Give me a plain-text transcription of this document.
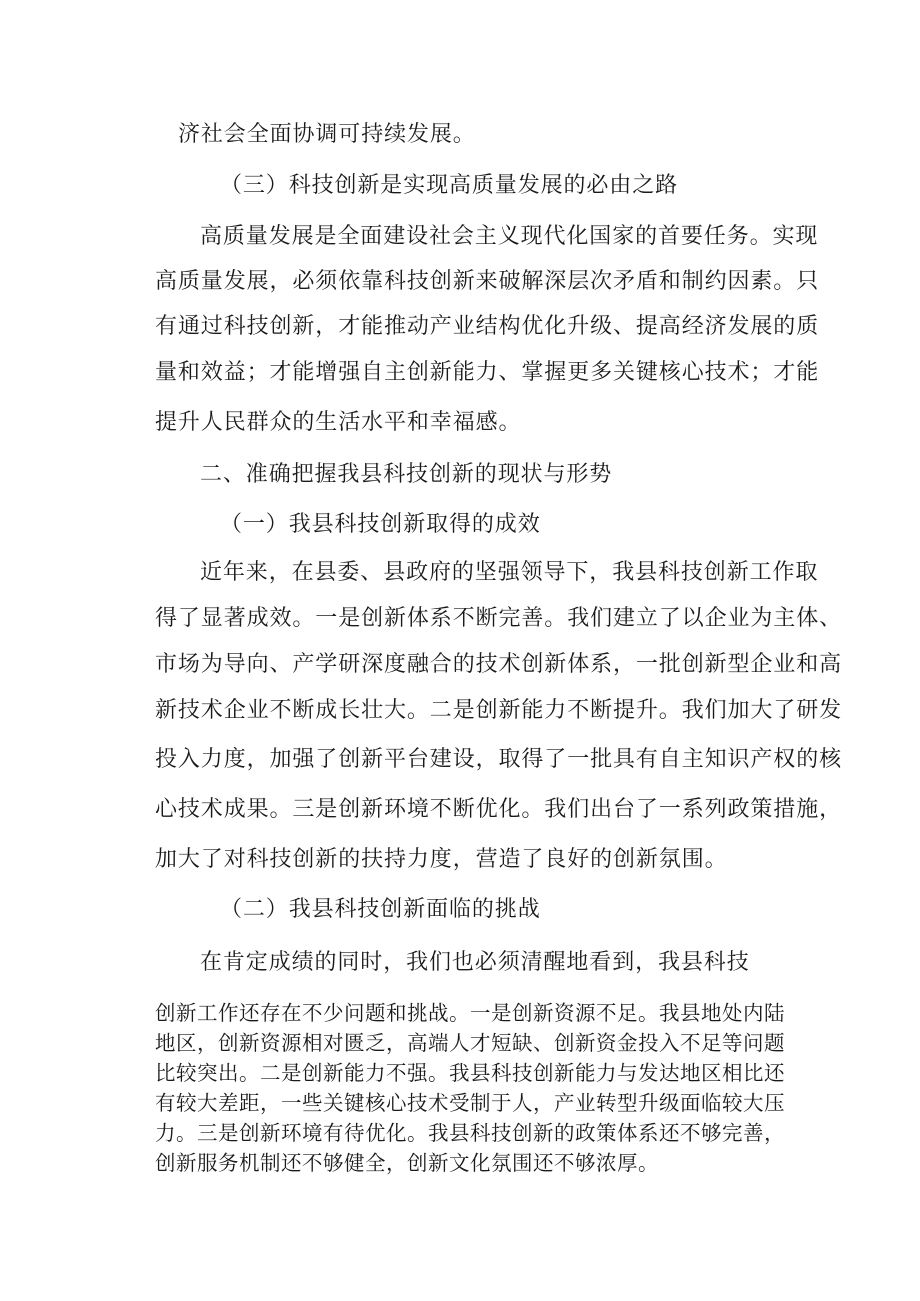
济社会全面协调可持续发展。
（三）科技创新是实现高质量发展的必由之路
高质量发展是全面建设社会主义现代化国家的首要任务。实现
高质量发展，必须依靠科技创新来破解深层次矛盾和制约因素。只
有通过科技创新，才能推动产业结构优化升级、提高经济发展的质
量和效益；才能增强自主创新能力、掌握更多关键核心技术；才能
提升人民群众的生活水平和幸福感。
二、准确把握我县科技创新的现状与形势
（一）我县科技创新取得的成效
近年来，在县委、县政府的坚强领导下，我县科技创新工作取
得了显著成效。一是创新体系不断完善。我们建立了以企业为主体、
市场为导向、产学研深度融合的技术创新体系，一批创新型企业和高
新技术企业不断成长壮大。二是创新能力不断提升。我们加大了研发
投入力度，加强了创新平台建设，取得了一批具有自主知识产权的核
心技术成果。三是创新环境不断优化。我们出台了一系列政策措施，
加大了对科技创新的扶持力度，营造了良好的创新氛围。
（二）我县科技创新面临的挑战
在肯定成绩的同时，我们也必须清醒地看到，我县科技
创新工作还存在不少问题和挑战。一是创新资源不足。我县地处内陆
地区，创新资源相对匮乏，高端人才短缺、创新资金投入不足等问题
比较突出。二是创新能力不强。我县科技创新能力与发达地区相比还
有较大差距，一些关键核心技术受制于人，产业转型升级面临较大压
力。三是创新环境有待优化。我县科技创新的政策体系还不够完善，
创新服务机制还不够健全，创新文化氛围还不够浓厚。
